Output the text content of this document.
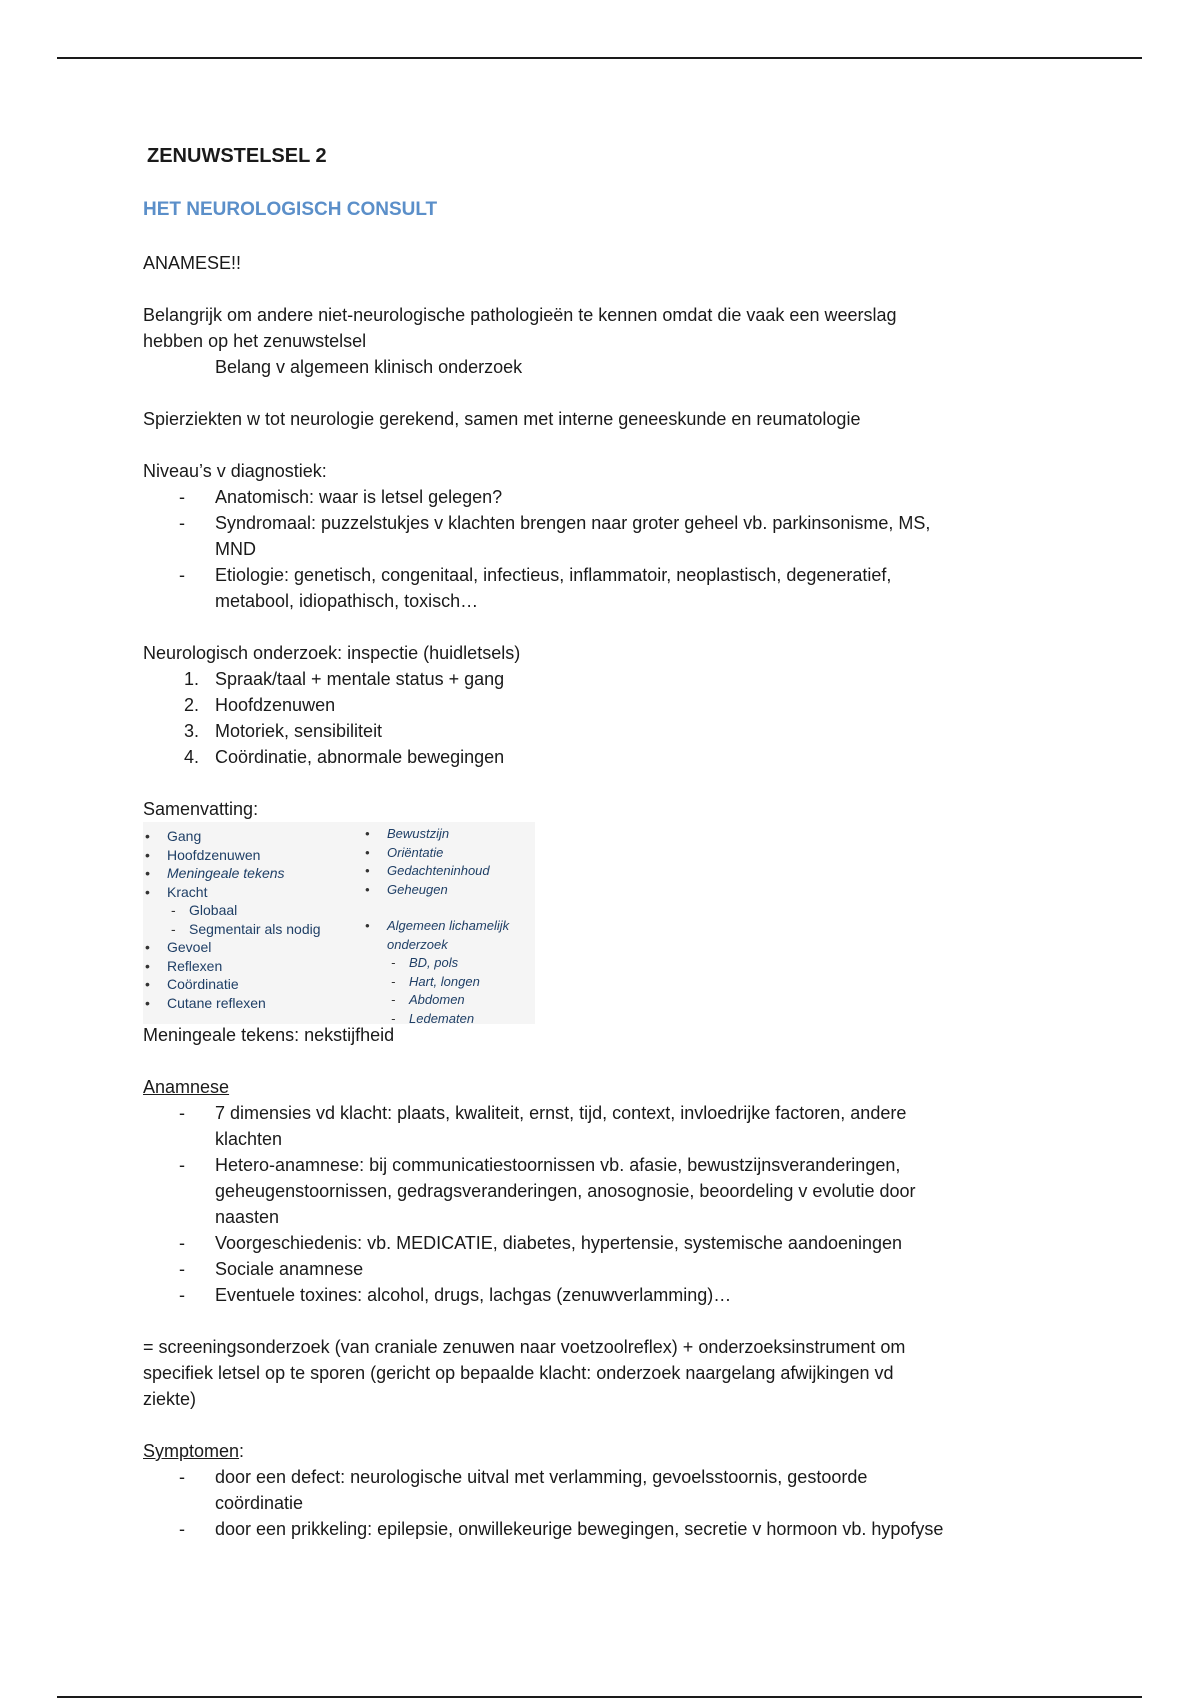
ZENUWSTELSEL 2
HET NEUROLOGISCH CONSULT
ANAMESE!!
Belangrijk om andere niet-neurologische pathologieën te kennen omdat die vaak een weerslag
hebben op het zenuwstelsel
Belang v algemeen klinisch onderzoek
Spierziekten w tot neurologie gerekend, samen met interne geneeskunde en reumatologie
Niveau’s v diagnostiek:
- Anatomisch: waar is letsel gelegen?
- Syndromaal: puzzelstukjes v klachten brengen naar groter geheel vb. parkinsonisme, MS,
MND
- Etiologie: genetisch, congenitaal, infectieus, inflammatoir, neoplastisch, degeneratief,
metabool, idiopathisch, toxisch…
Neurologisch onderzoek: inspectie (huidletsels)
1. Spraak/taal + mentale status + gang
2. Hoofdzenuwen
3. Motoriek, sensibiliteit
4. Coördinatie, abnormale bewegingen
Samenvatting:
Meningeale tekens: nekstijfheid
Anamnese
- 7 dimensies vd klacht: plaats, kwaliteit, ernst, tijd, context, invloedrijke factoren, andere
klachten
- Hetero-anamnese: bij communicatiestoornissen vb. afasie, bewustzijnsveranderingen,
geheugenstoornissen, gedragsveranderingen, anosognosie, beoordeling v evolutie door
naasten
- Voorgeschiedenis: vb. MEDICATIE, diabetes, hypertensie, systemische aandoeningen
- Sociale anamnese
- Eventuele toxines: alcohol, drugs, lachgas (zenuwverlamming)…
= screeningsonderzoek (van craniale zenuwen naar voetzoolreflex) + onderzoeksinstrument om
specifiek letsel op te sporen (gericht op bepaalde klacht: onderzoek naargelang afwijkingen vd
ziekte)
Symptomen:
- door een defect: neurologische uitval met verlamming, gevoelsstoornis, gestoorde
coördinatie
- door een prikkeling: epilepsie, onwillekeurige bewegingen, secretie v hormoon vb. hypofyse
• Gang
• Hoofdzenuwen
• Meningeale tekens
• Kracht
- Globaal
- Segmentair als nodig
• Gevoel
• Reflexen
• Coördinatie
• Cutane reflexen
• Bewustzijn
• Oriëntatie
• Gedachteninhoud
• Geheugen
• Algemeen lichamelijk
onderzoek
- BD, pols
- Hart, longen
- Abdomen
- Ledematen
